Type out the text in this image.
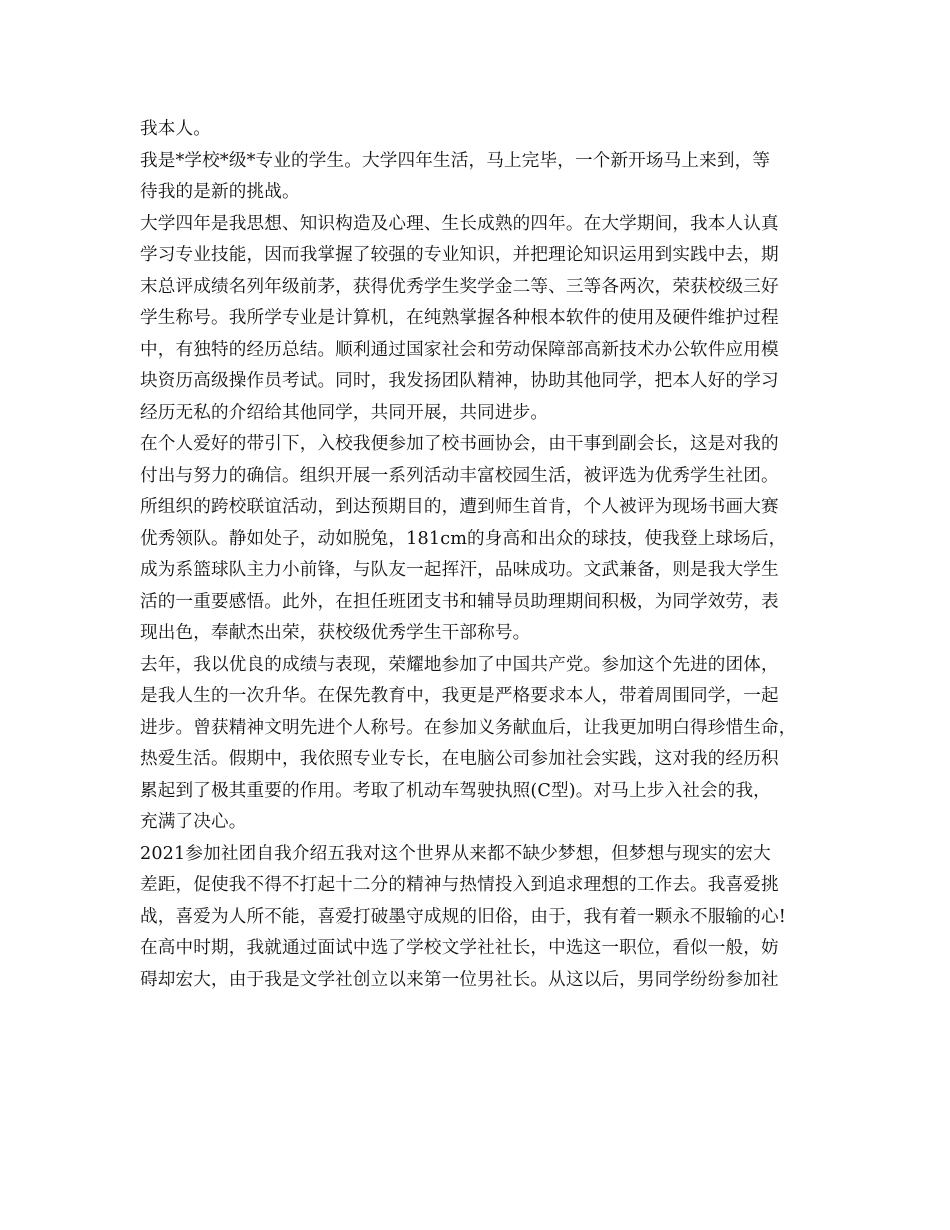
我本人。
我是*学校*级*专业的学生。大学四年生活，马上完毕，一个新开场马上来到，等
待我的是新的挑战。
大学四年是我思想、知识构造及心理、生长成熟的四年。在大学期间，我本人认真
学习专业技能，因而我掌握了较强的专业知识，并把理论知识运用到实践中去，期
末总评成绩名列年级前茅，获得优秀学生奖学金二等、三等各两次，荣获校级三好
学生称号。我所学专业是计算机，在纯熟掌握各种根本软件的使用及硬件维护过程
中，有独特的经历总结。顺利通过国家社会和劳动保障部高新技术办公软件应用模
块资历高级操作员考试。同时，我发扬团队精神，协助其他同学，把本人好的学习
经历无私的介绍给其他同学，共同开展，共同进步。
在个人爱好的带引下，入校我便参加了校书画协会，由干事到副会长，这是对我的
付出与努力的确信。组织开展一系列活动丰富校园生活，被评选为优秀学生社团。
所组织的跨校联谊活动，到达预期目的，遭到师生首肯，个人被评为现场书画大赛
优秀领队。静如处子，动如脱兔，181cm的身高和出众的球技，使我登上球场后，
成为系篮球队主力小前锋，与队友一起挥汗，品味成功。文武兼备，则是我大学生
活的一重要感悟。此外，在担任班团支书和辅导员助理期间积极，为同学效劳，表
现出色，奉献杰出荣，获校级优秀学生干部称号。
去年，我以优良的成绩与表现，荣耀地参加了中国共产党。参加这个先进的团体，
是我人生的一次升华。在保先教育中，我更是严格要求本人，带着周围同学，一起
进步。曾获精神文明先进个人称号。在参加义务献血后，让我更加明白得珍惜生命，
热爱生活。假期中，我依照专业专长，在电脑公司参加社会实践，这对我的经历积
累起到了极其重要的作用。考取了机动车驾驶执照(C型)。对马上步入社会的我，
充满了决心。
2021参加社团自我介绍五我对这个世界从来都不缺少梦想，但梦想与现实的宏大
差距，促使我不得不打起十二分的精神与热情投入到追求理想的工作去。我喜爱挑
战，喜爱为人所不能，喜爱打破墨守成规的旧俗，由于，我有着一颗永不服输的心!
在高中时期，我就通过面试中选了学校文学社社长，中选这一职位，看似一般，妨
碍却宏大，由于我是文学社创立以来第一位男社长。从这以后，男同学纷纷参加社
